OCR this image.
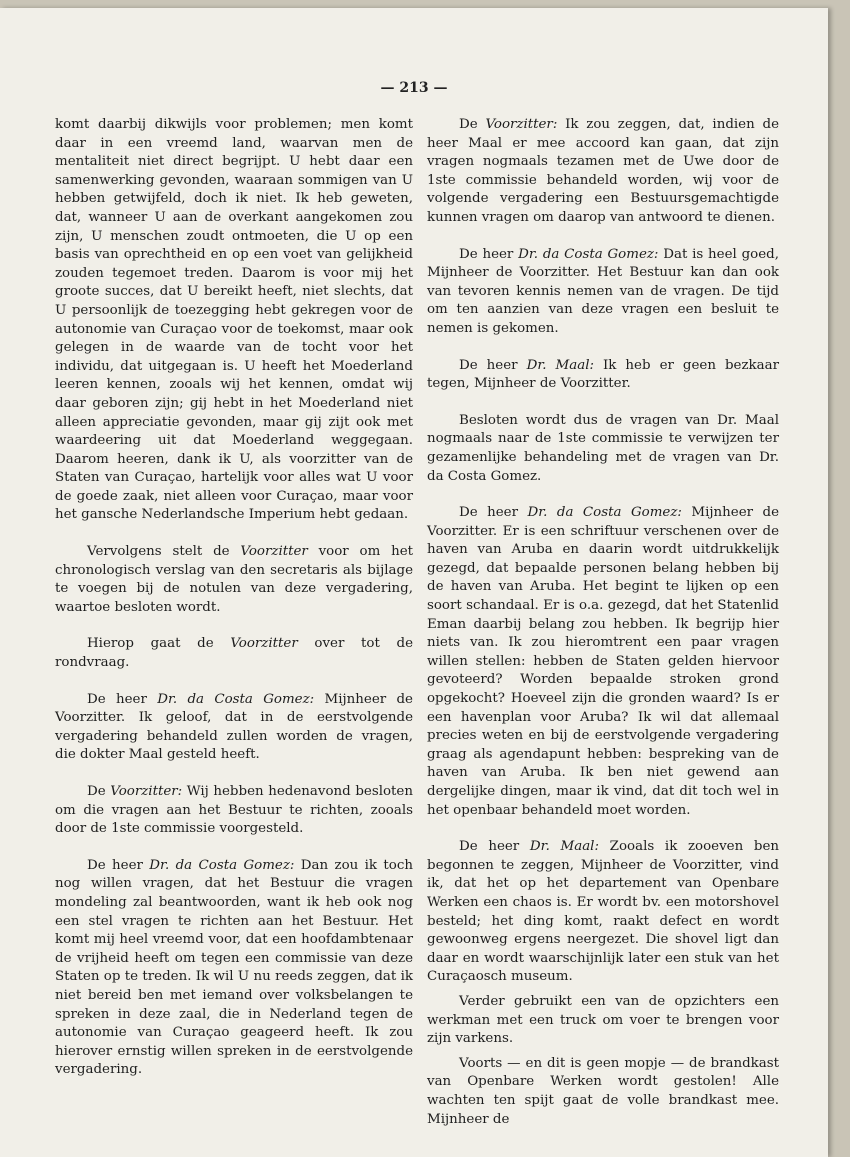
— 213 —

komt daarbij dikwijls voor problemen; men komt daar in een vreemd land, waarvan men de mentaliteit niet direct begrijpt. U hebt daar een samenwerking gevonden, waaraan sommigen van U hebben getwijfeld, doch ik niet. Ik heb geweten, dat, wanneer U aan de overkant aangekomen zou zijn, U menschen zoudt ontmoeten, die U op een basis van oprechtheid en op een voet van gelijkheid zouden tegemoet treden. Daarom is voor mij het groote succes, dat U bereikt heeft, niet slechts, dat U persoonlijk de toezegging hebt gekregen voor de autonomie van Curaçao voor de toekomst, maar ook gelegen in de waarde van de tocht voor het individu, dat uitgegaan is. U heeft het Moederland leeren kennen, zooals wij het kennen, omdat wij daar geboren zijn; gij hebt in het Moederland niet alleen appreciatie gevonden, maar gij zijt ook met waardeering uit dat Moederland weggegaan. Daarom heeren, dank ik U, als voorzitter van de Staten van Curaçao, hartelijk voor alles wat U voor de goede zaak, niet alleen voor Curaçao, maar voor het gansche Nederlandsche Imperium hebt gedaan.

Vervolgens stelt de Voorzitter voor om het chronologisch verslag van den secretaris als bijlage te voegen bij de notulen van deze vergadering, waartoe besloten wordt.

Hierop gaat de Voorzitter over tot de rondvraag.

De heer Dr. da Costa Gomez: Mijnheer de Voorzitter. Ik geloof, dat in de eerstvolgende vergadering behandeld zullen worden de vragen, die dokter Maal gesteld heeft.

De Voorzitter: Wij hebben hedenavond besloten om die vragen aan het Bestuur te richten, zooals door de 1ste commissie voorgesteld.

De heer Dr. da Costa Gomez: Dan zou ik toch nog willen vragen, dat het Bestuur die vragen mondeling zal beantwoorden, want ik heb ook nog een stel vragen te richten aan het Bestuur. Het komt mij heel vreemd voor, dat een hoofdambtenaar de vrijheid heeft om tegen een commissie van deze Staten op te treden. Ik wil U nu reeds zeggen, dat ik niet bereid ben met iemand over volksbelangen te spreken in deze zaal, die in Nederland tegen de autonomie van Curaçao geageerd heeft. Ik zou hierover ernstig willen spreken in de eerstvolgende vergadering.

De Voorzitter: Ik zou zeggen, dat, indien de heer Maal er mee accoord kan gaan, dat zijn vragen nogmaals tezamen met de Uwe door de 1ste commissie behandeld worden, wij voor de volgende vergadering een Bestuursgemachtigde kunnen vragen om daarop van antwoord te dienen.

De heer Dr. da Costa Gomez: Dat is heel goed, Mijnheer de Voorzitter. Het Bestuur kan dan ook van tevoren kennis nemen van de vragen. De tijd om ten aanzien van deze vragen een besluit te nemen is gekomen.

De heer Dr. Maal: Ik heb er geen bezkaar tegen, Mijnheer de Voorzitter.

Besloten wordt dus de vragen van Dr. Maal nogmaals naar de 1ste commissie te verwijzen ter gezamenlijke behandeling met de vragen van Dr. da Costa Gomez.

De heer Dr. da Costa Gomez: Mijnheer de Voorzitter. Er is een schriftuur verschenen over de haven van Aruba en daarin wordt uitdrukkelijk gezegd, dat bepaalde personen belang hebben bij de haven van Aruba. Het begint te lijken op een soort schandaal. Er is o.a. gezegd, dat het Statenlid Eman daarbij belang zou hebben. Ik begrijp hier niets van. Ik zou hieromtrent een paar vragen willen stellen: hebben de Staten gelden hiervoor gevoteerd? Worden bepaalde stroken grond opgekocht? Hoeveel zijn die gronden waard? Is er een havenplan voor Aruba? Ik wil dat allemaal precies weten en bij de eerstvolgende vergadering graag als agendapunt hebben: bespreking van de haven van Aruba. Ik ben niet gewend aan dergelijke dingen, maar ik vind, dat dit toch wel in het openbaar behandeld moet worden.

De heer Dr. Maal: Zooals ik zooeven ben begonnen te zeggen, Mijnheer de Voorzitter, vind ik, dat het op het departement van Openbare Werken een chaos is. Er wordt bv. een motorshovel besteld; het ding komt, raakt defect en wordt gewoonweg ergens neergezet. Die shovel ligt dan daar en wordt waarschijnlijk later een stuk van het Curaçaosch museum.

Verder gebruikt een van de opzichters een werkman met een truck om voer te brengen voor zijn varkens.

Voorts — en dit is geen mopje — de brandkast van Openbare Werken wordt gestolen! Alle wachten ten spijt gaat de volle brandkast mee. Mijnheer de
